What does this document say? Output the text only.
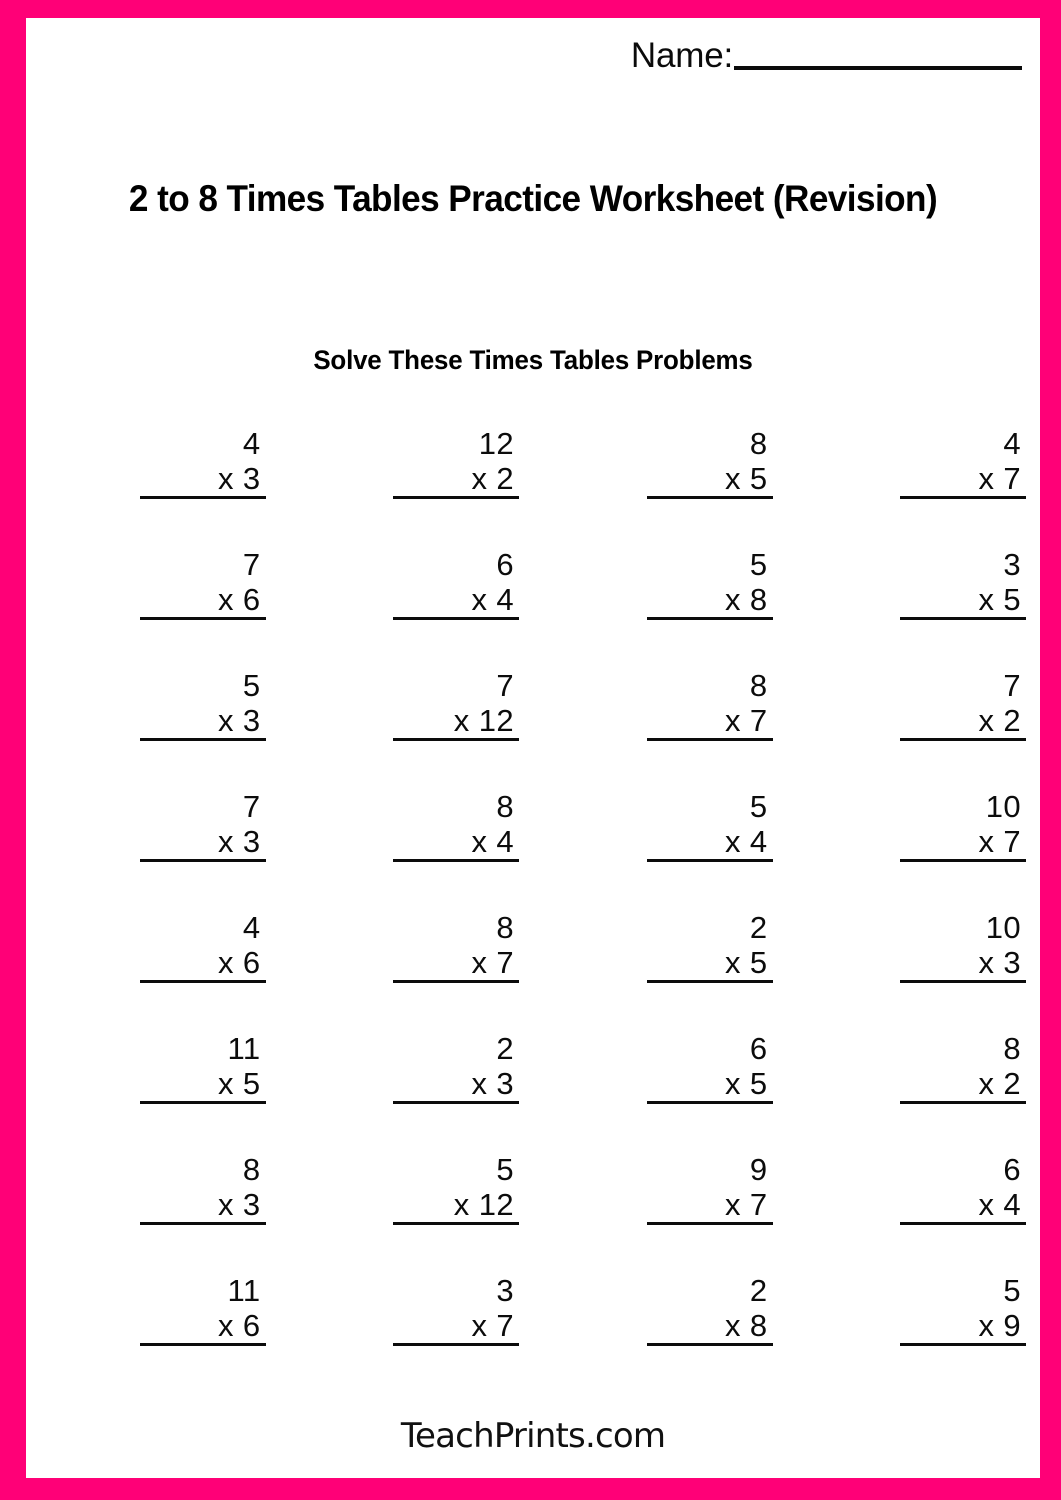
Name:
2 to 8 Times Tables Practice Worksheet (Revision)
Solve These Times Tables Problems
4
x 3
12
x 2
8
x 5
4
x 7
7
x 6
6
x 4
5
x 8
3
x 5
5
x 3
7
x 12
8
x 7
7
x 2
7
x 3
8
x 4
5
x 4
10
x 7
4
x 6
8
x 7
2
x 5
10
x 3
11
x 5
2
x 3
6
x 5
8
x 2
8
x 3
5
x 12
9
x 7
6
x 4
11
x 6
3
x 7
2
x 8
5
x 9
TeachPrints.com
